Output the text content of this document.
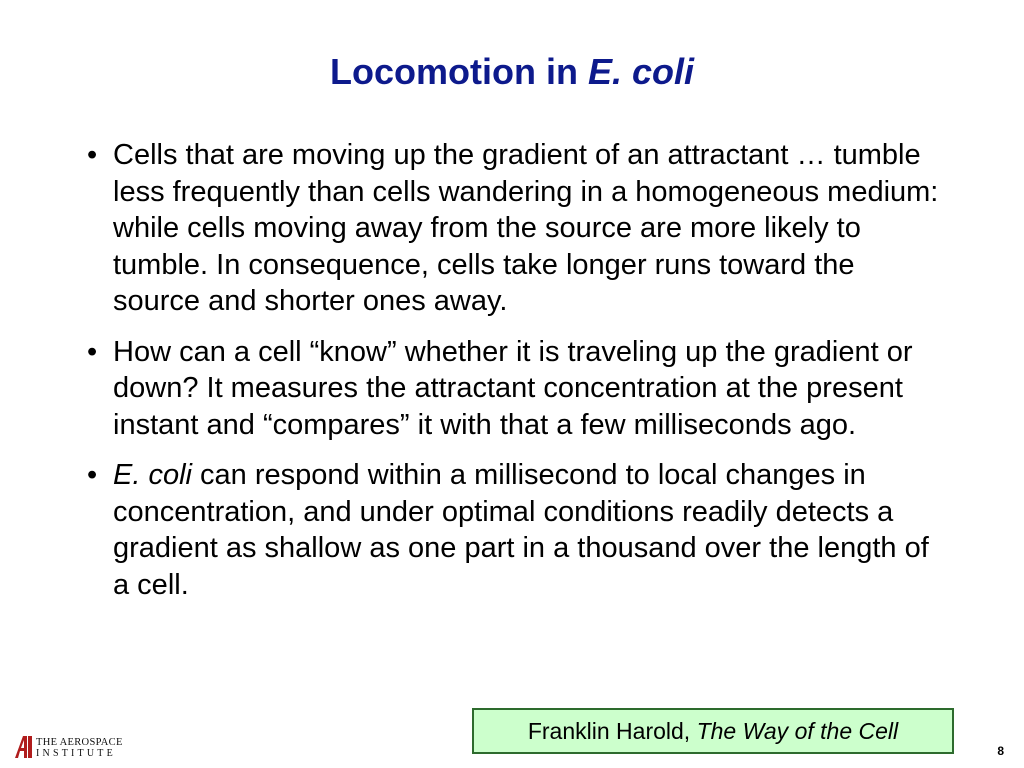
Locomotion in E. coli
• Cells that are moving up the gradient of an attractant … tumble less frequently than cells wandering in a homogeneous medium: while cells moving away from the source are more likely to tumble. In consequence, cells take longer runs toward the source and shorter ones away.
• How can a cell “know” whether it is traveling up the gradient or down? It measures the attractant concentration at the present instant and “compares” it with that a few milliseconds ago.
• E. coli can respond within a millisecond to local changes in concentration, and under optimal conditions readily detects a gradient as shallow as one part in a thousand over the length of a cell.
Franklin Harold, The Way of the Cell
THE AEROSPACE
INSTITUTE	8
